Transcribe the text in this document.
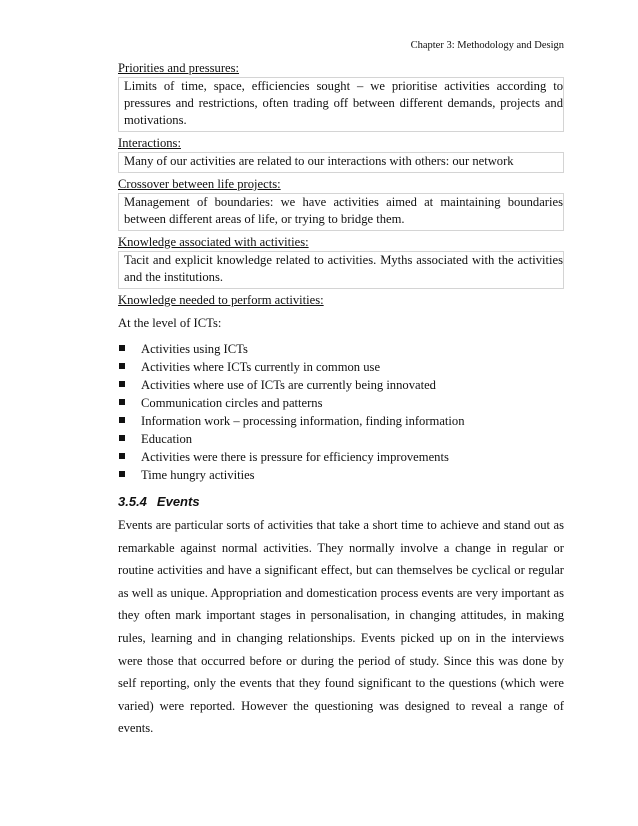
Chapter 3: Methodology and Design

Priorities and pressures:

Limits of time, space, efficiencies sought – we prioritise activities according to pressures and restrictions, often trading off between different demands, projects and motivations.

Interactions:

Many of our activities are related to our interactions with others: our network

Crossover between life projects:

Management of boundaries: we have activities aimed at maintaining boundaries between different areas of life, or trying to bridge them.

Knowledge associated with activities:

Tacit and explicit knowledge related to activities. Myths associated with the activities and the institutions.

Knowledge needed to perform activities:

At the level of ICTs:

Activities using ICTs
Activities where ICTs currently in common use
Activities where use of ICTs are currently being innovated
Communication circles and patterns
Information work – processing information, finding information
Education
Activities were there is pressure for efficiency improvements
Time hungry activities
3.5.4 Events

Events are particular sorts of activities that take a short time to achieve and stand out as remarkable against normal activities. They normally involve a change in regular or routine activities and have a significant effect, but can themselves be cyclical or regular as well as unique. Appropriation and domestication process events are very important as they often mark important stages in personalisation, in changing attitudes, in making rules, learning and in changing relationships. Events picked up on in the interviews were those that occurred before or during the period of study. Since this was done by self reporting, only the events that they found significant to the questions (which were varied) were reported. However the questioning was designed to reveal a range of events.
